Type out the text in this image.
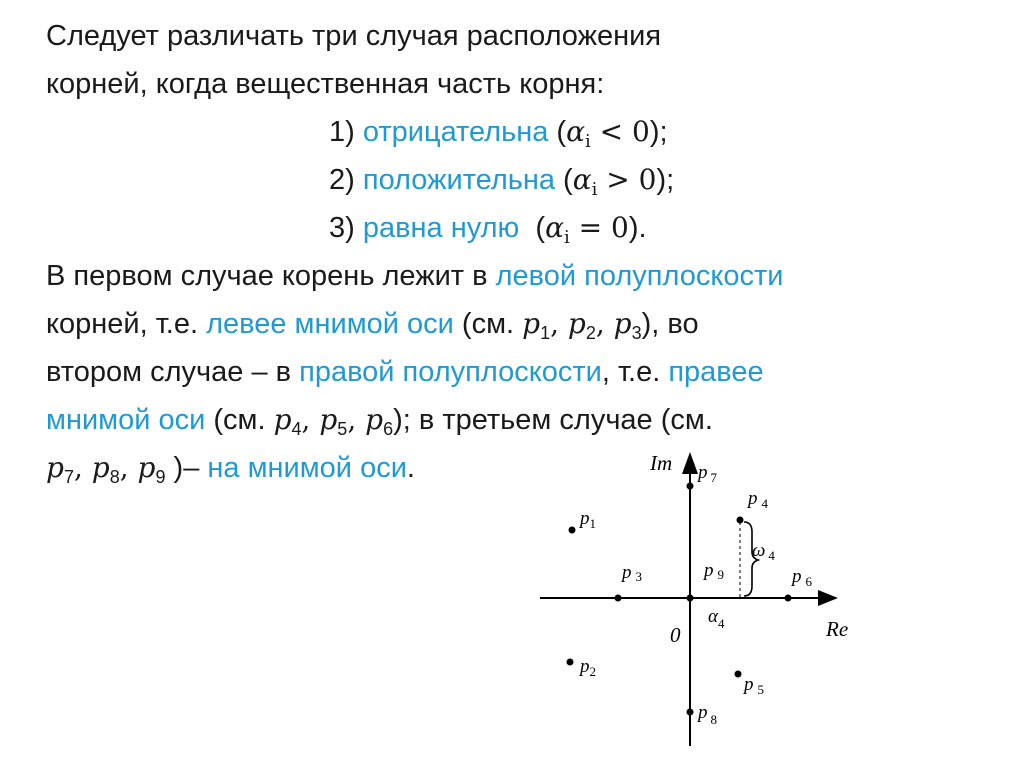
Следует различать три случая расположения
корней, когда вещественная часть корня:
1) отрицательна $(\alpha_i < 0)$;
2) положительна $(\alpha_i > 0)$;
3) равна нулю  $(\alpha_i = 0)$.
В первом случае корень лежит в левой полуплоскости
корней, т.е. левее мнимой оси (см. $p_1$, $p_2$, $p_3$), во
втором случае – в правой полуплоскости, т.е. правее
мнимой оси (см. $p_4$, $p_5$, $p_6$); в третьем случае (см.
$p_7$, $p_8$, $p_9$ )– на мнимой оси.	Im
Re
0
$p_1$
$p_2$
p 3
p $_4$
p $_5$
p $_6$
p $_7$
p $_8$
p 9
$\alpha_4$
ω $_4$
